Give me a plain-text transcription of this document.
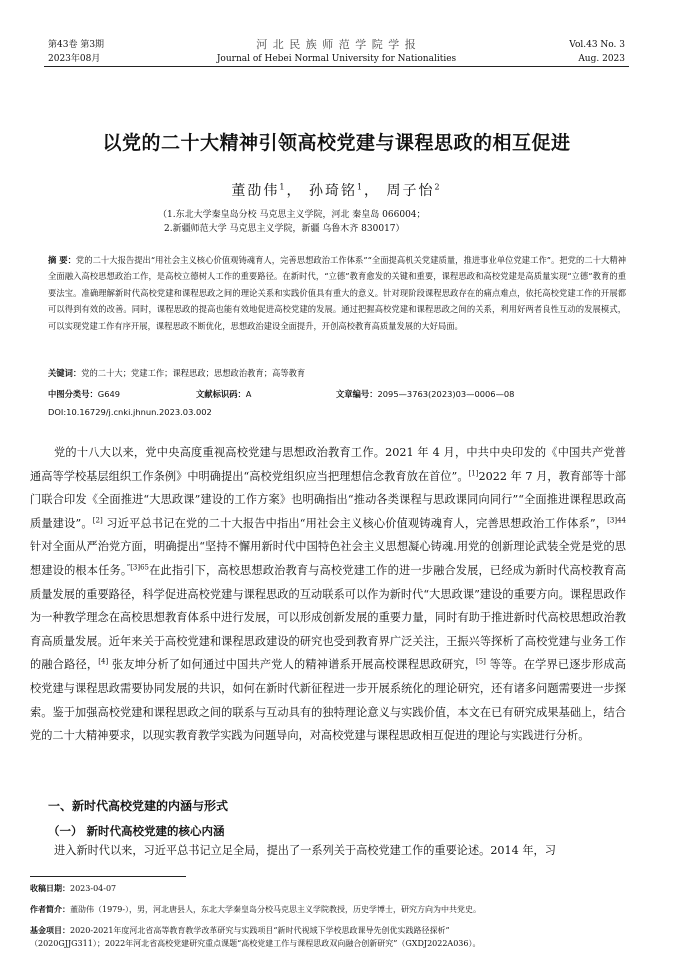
第43卷 第3期
2023年08月
河 北 民 族 师 范 学 院 学 报
Journal of Hebei Normal University for Nationalities
Vol.43 No. 3
Aug. 2023
以党的二十大精神引领高校党建与课程思政的相互促进
董劭伟$^1$， 孙琦铭$^1$， 周子怡$^2$
（1.东北大学秦皇岛分校 马克思主义学院，河北 秦皇岛 066004；
2.新疆师范大学 马克思主义学院，新疆 乌鲁木齐 830017）
摘 要：党的二十大报告提出“用社会主义核心价值观铸魂育人，完善思想政治工作体系”“全面提高机关党建质量，推进事业单位党建工作”。把党的二十大精神全面融入高校思想政治工作，是高校立德树人工作的重要路径。在新时代，“立德”教育愈发的关键和重要，课程思政和高校党建是高质量实现“立德”教育的重要法宝。准确理解新时代高校党建和课程思政之间的理论关系和实践价值具有重大的意义。针对现阶段课程思政存在的痛点难点，依托高校党建工作的开展都可以得到有效的改善。同时，课程思政的提高也能有效地促进高校党建的发展。通过把握高校党建和课程思政之间的关系，利用好两者良性互动的发展模式，可以实现党建工作有序开展，课程思政不断优化，思想政治建设全面提升，开创高校教育高质量发展的大好局面。
关键词：党的二十大；党建工作；课程思政；思想政治教育；高等教育
中图分类号：G649	文献标识码：A	文章编号：2095—3763(2023)03—0006—08
DOI:10.16729/j.cnki.jhnun.2023.03.002

党的十八大以来，党中央高度重视高校党建与思想政治教育工作。2021 年 4 月，中共中央印发的《中国共产党普通高等学校基层组织工作条例》中明确提出“高校党组织应当把理想信念教育放在首位”。[1]2022 年 7 月，教育部等十部门联合印发《全面推进“大思政课”建设的工作方案》也明确指出“推动各类课程与思政课同向同行”“全面推进课程思政高质量建设”。[2] 习近平总书记在党的二十大报告中指出“用社会主义核心价值观铸魂育人，完善思想政治工作体系”，$^{[3]44}$ 针对全面从严治党方面，明确提出“坚持不懈用新时代中国特色社会主义思想凝心铸魂.用党的创新理论武装全党是党的思想建设的根本任务。$^{”[3]65}$在此指引下，高校思想政治教育与高校党建工作的进一步融合发展，已经成为新时代高校教育高质量发展的重要路径，科学促进高校党建与课程思政的互动联系可以作为新时代“大思政课”建设的重要方向。课程思政作为一种教学理念在高校思想教育体系中进行发展，可以形成创新发展的重要力量，同时有助于推进新时代高校思想政治教育高质量发展。近年来关于高校党建和课程思政建设的研究也受到教育界广泛关注，王振兴等探析了高校党建与业务工作的融合路径，[4] 张友坤分析了如何通过中国共产党人的精神谱系开展高校课程思政研究，[5] 等等。在学界已逐步形成高校党建与课程思政需要协同发展的共识，如何在新时代新征程进一步开展系统化的理论研究，还有诸多问题需要进一步探索。鉴于加强高校党建和课程思政之间的联系与互动具有的独特理论意义与实践价值，本文在已有研究成果基础上，结合党的二十大精神要求，以现实教育教学实践为问题导向，对高校党建与课程思政相互促进的理论与实践进行分析。

一、新时代高校党建的内涵与形式
（一） 新时代高校党建的核心内涵

进入新时代以来，习近平总书记立足全局，提出了一系列关于高校党建工作的重要论述。2014 年，习

收稿日期：2023-04-07
作者简介：董劭伟（1979-），男，河北唐县人，东北大学秦皇岛分校马克思主义学院教授，历史学博士，研究方向为中共党史。
基金项目：2020-2021年度河北省高等教育教学改革研究与实践项目“新时代视域下学校思政课导先创优实践路径探析”
（2020GJJG311）；2022年河北省高校党建研究重点课题“高校党建工作与课程思政双向融合创新研究”（GXDJ2022A036）。
